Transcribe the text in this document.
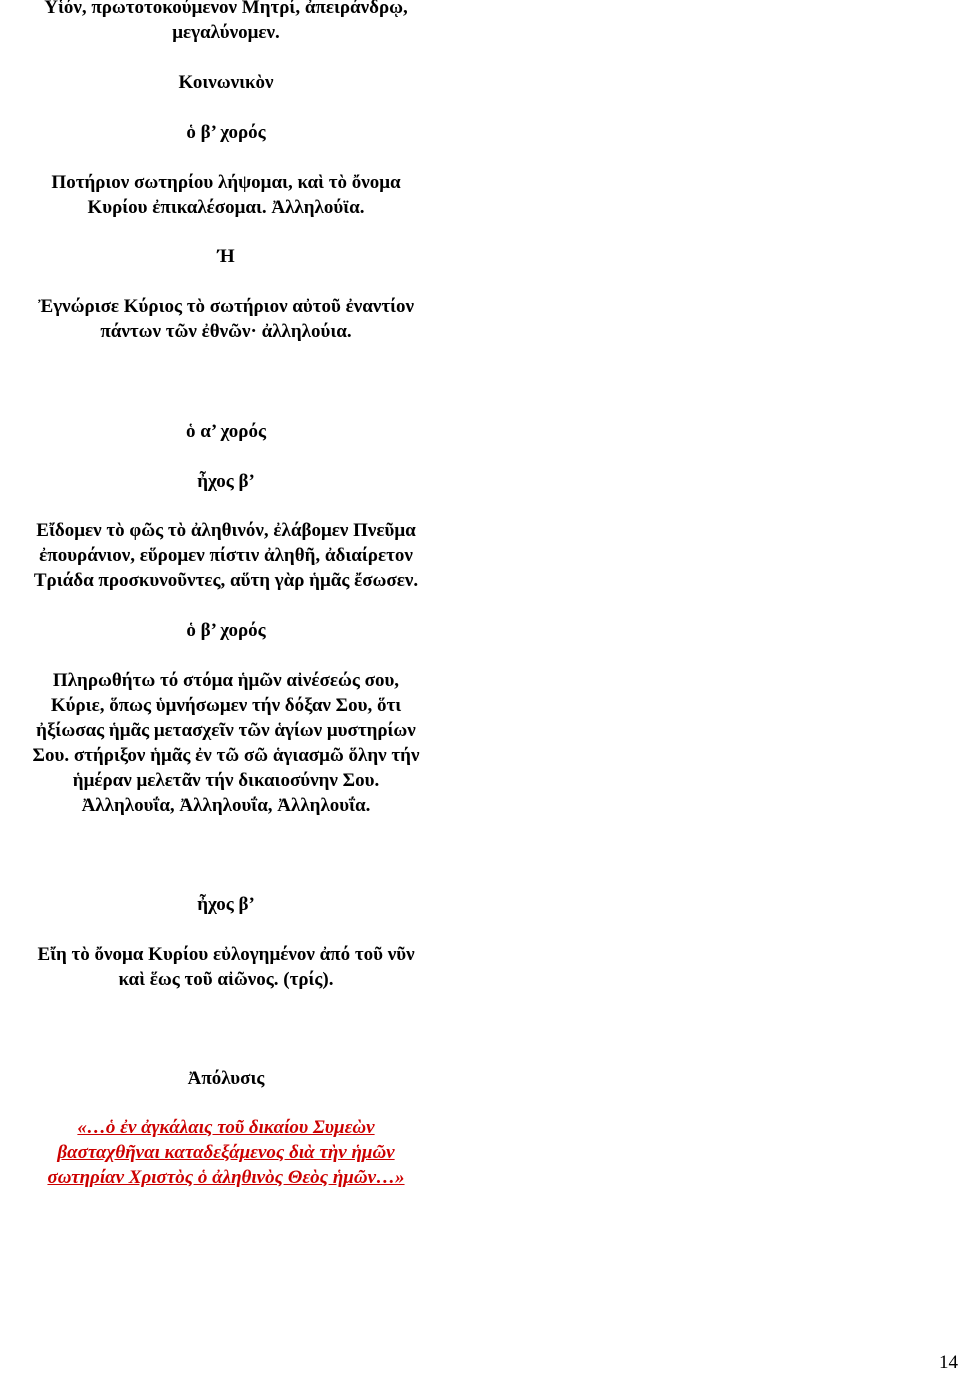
Υἱόν, πρωτοτοκούμενον Μητρί, ἀπειράνδρῳ,
μεγαλύνομεν.
Κοινωνικὸν
ὁ β’ χορός
Ποτήριον σωτηρίου λήψομαι, καὶ τὸ ὄνομα
Κυρίου ἐπικαλέσομαι. Ἀλληλούϊα.
Ή
Ἐγνώρισε Κύριος τὸ σωτήριον αὐτοῦ ἐναντίον
πάντων τῶν ἐθνῶν· ἀλληλούια.
ὁ α’ χορός
ἦχος β’
Εἴδομεν τὸ φῶς τὸ ἀληθινόν, ἐλάβομεν Πνεῦμα
ἐπουράνιον, εὕρομεν πίστιν ἀληθῆ, ἀδιαίρετον
Τριάδα προσκυνοῦντες, αὕτη γὰρ ἡμᾶς ἔσωσεν.
ὁ β’ χορός
Πληρωθήτω τό στόμα ἡμῶν αἰνέσεώς σου,
Κύριε, ὅπως ὑμνήσωμεν τήν δόξαν Σου, ὅτι
ἠξίωσας ἡμᾶς μετασχεῖν τῶν ἁγίων μυστηρίων
Σου. στήριξον ἡμᾶς ἐν τῶ σῶ ἁγιασμῶ ὅλην τήν
ἡμέραν μελετᾶν τήν δικαιοσύνην Σου.
Ἀλληλουΐα, Ἀλληλουΐα, Ἀλληλουΐα.
ἦχος β’
Εἴη τὸ ὄνομα Κυρίου εὐλογημένον ἀπό τοῦ νῦν
καὶ ἕως τοῦ αἰῶνος. (τρίς).
Ἀπόλυσις
«…ὁ ἐν ἀγκάλαις τοῦ δικαίου Συμεὼν
βασταχθῆναι καταδεξάμενος διὰ τὴν ἡμῶν
σωτηρίαν Χριστὸς ὁ ἀληθινὸς Θεὸς ἡμῶν…»
14
